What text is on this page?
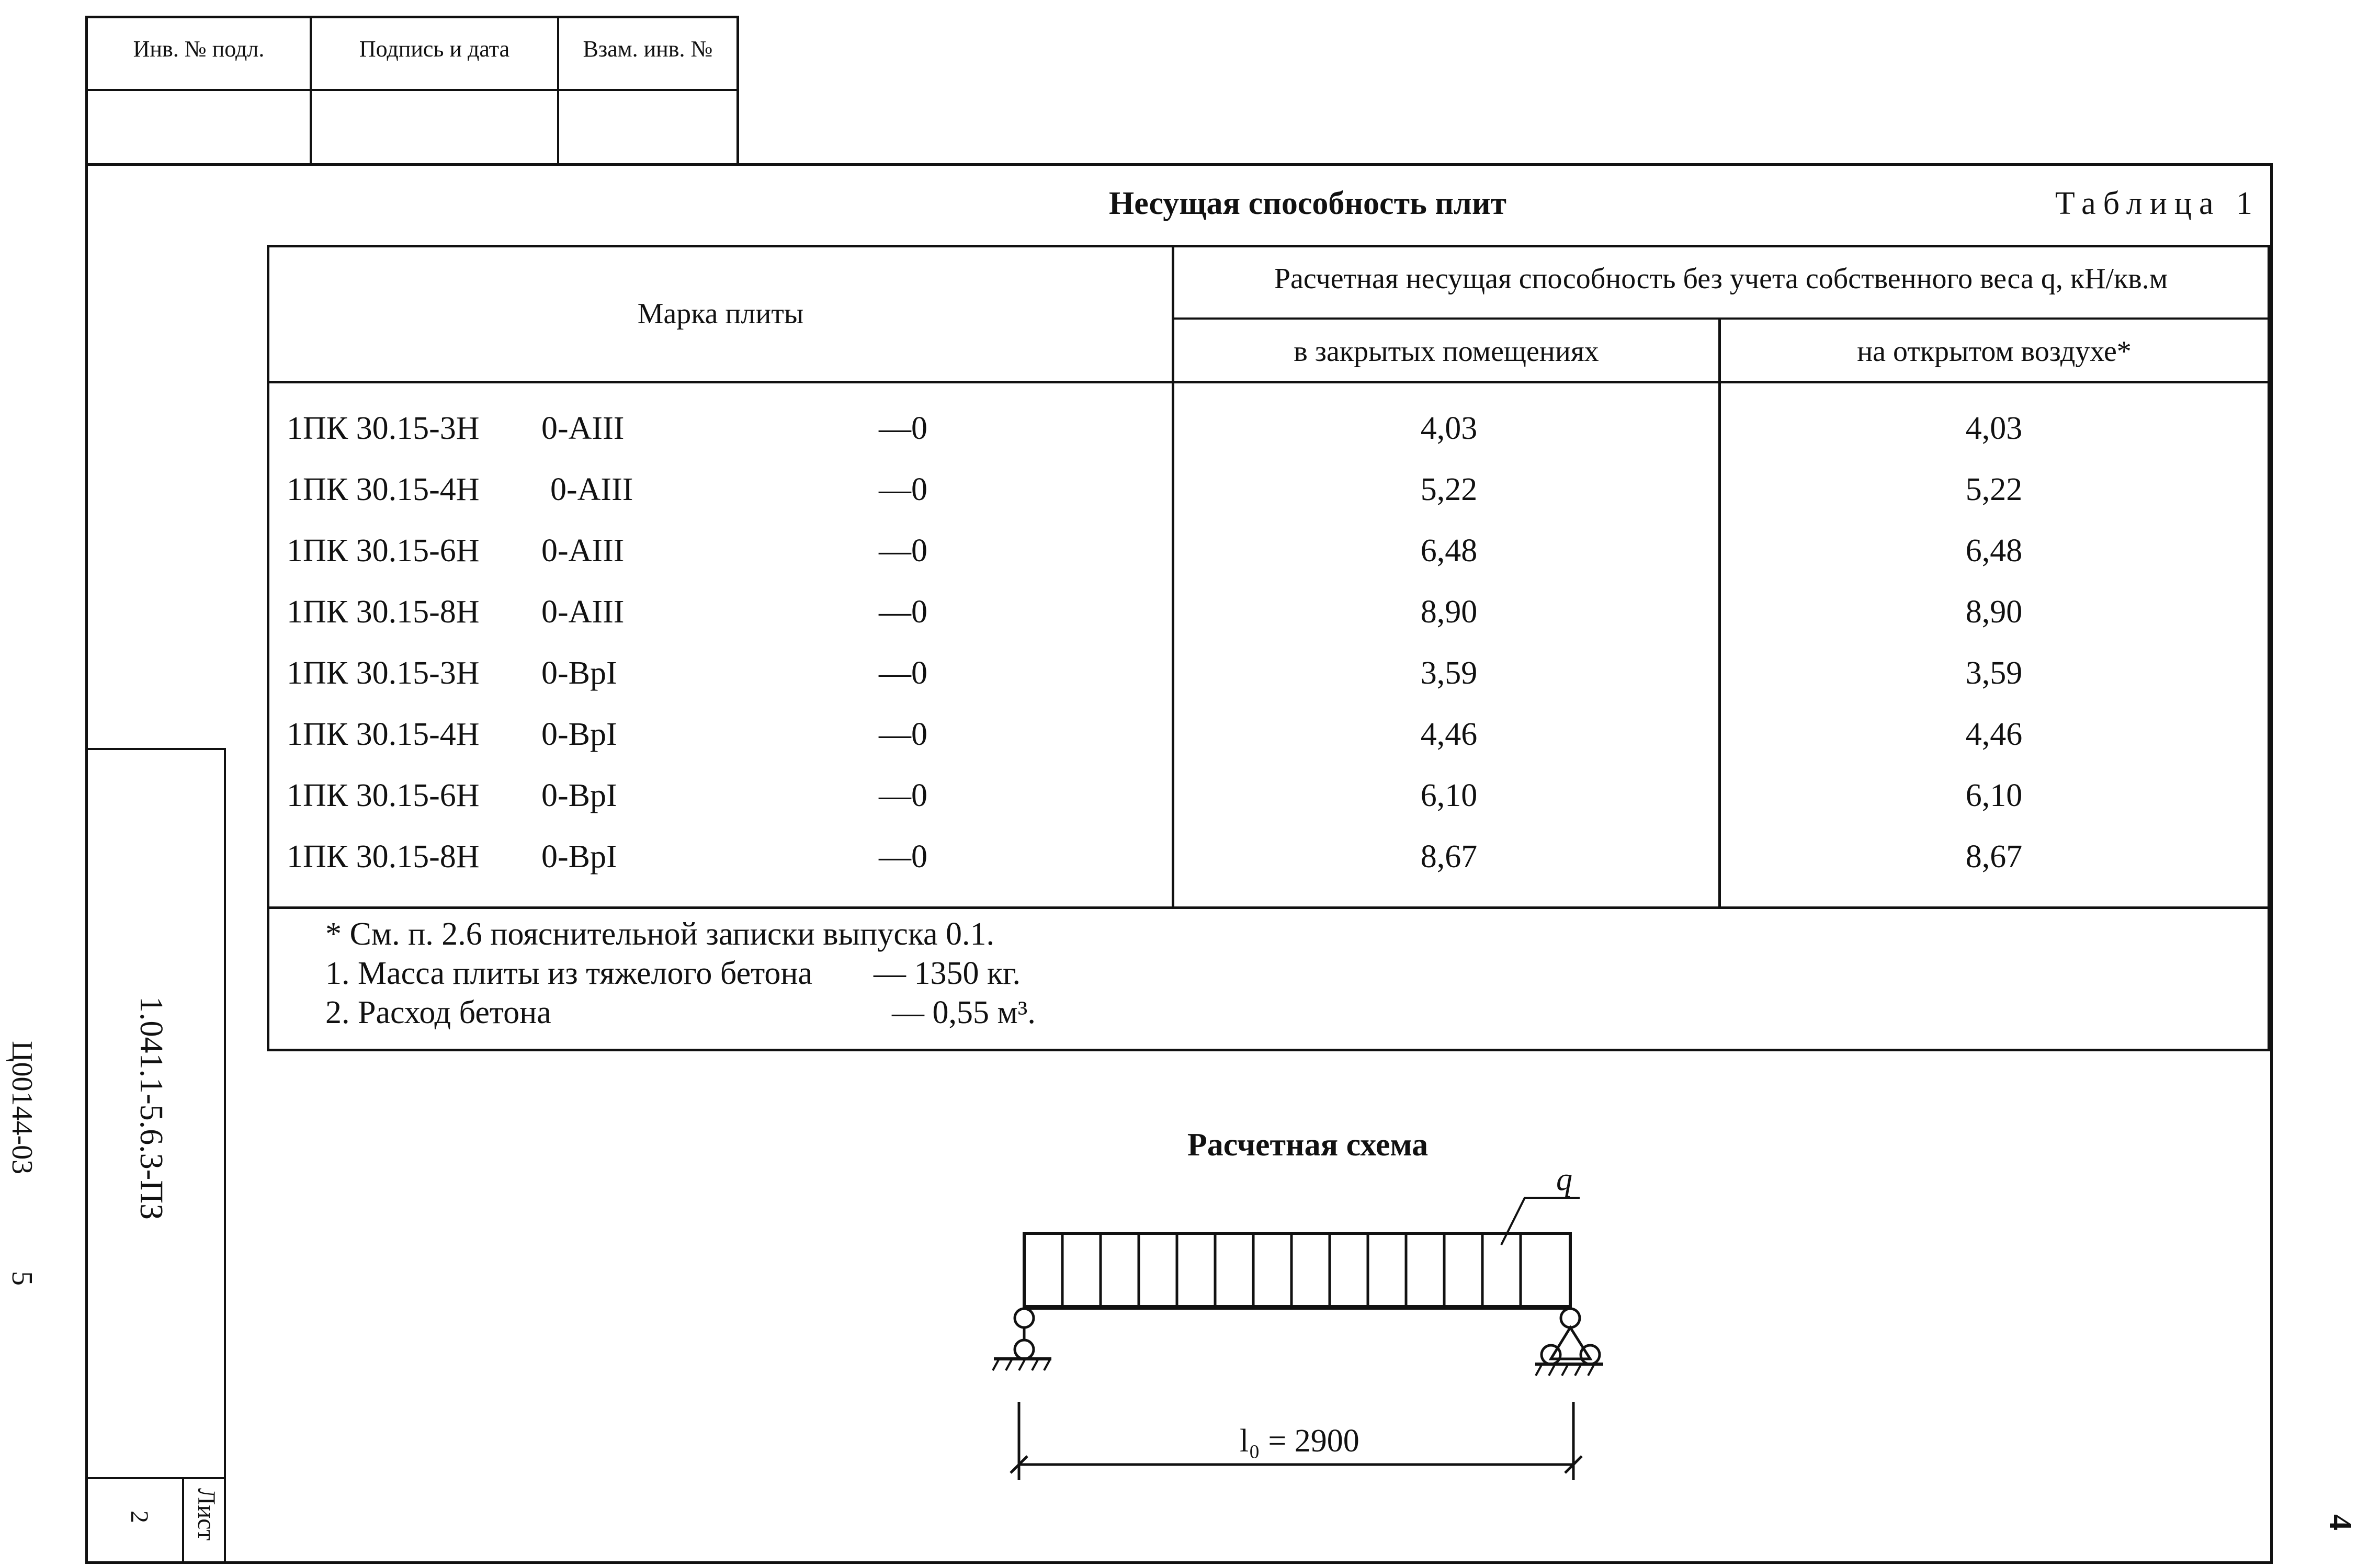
Инв. № подл.	Подпись и дата	Взам. инв. №
1.041.1-5.6.3-ПЗ
Лист
2
Ц00144-03
5
4
Несущая способность плит	Таблица 1
Марка плиты
Расчетная несущая способность без учета собственного веса q, кН/кв.м
в закрытых помещениях	на открытом воздухе*
1ПК 30.15-3Н 0-AIII	—0	4,03	4,03
1ПК 30.15-4Н 0-AIII	—0	5,22	5,22
1ПК 30.15-6Н 0-AIII	—0	6,48	6,48
1ПК 30.15-8Н 0-AIII	—0	8,90	8,90
1ПК 30.15-3Н 0-BpI	—0	3,59	3,59
1ПК 30.15-4Н 0-BpI	—0	4,46	4,46
1ПК 30.15-6Н 0-BpI	—0	6,10	6,10
1ПК 30.15-8Н 0-BpI	—0	8,67	8,67
* См. п. 2.6 пояснительной записки выпуска 0.1.
1. Масса плиты из тяжелого бетона — 1350 кг.
2. Расход бетона	— 0,55 м³.
Расчетная схема
q
l₀ = 2900
